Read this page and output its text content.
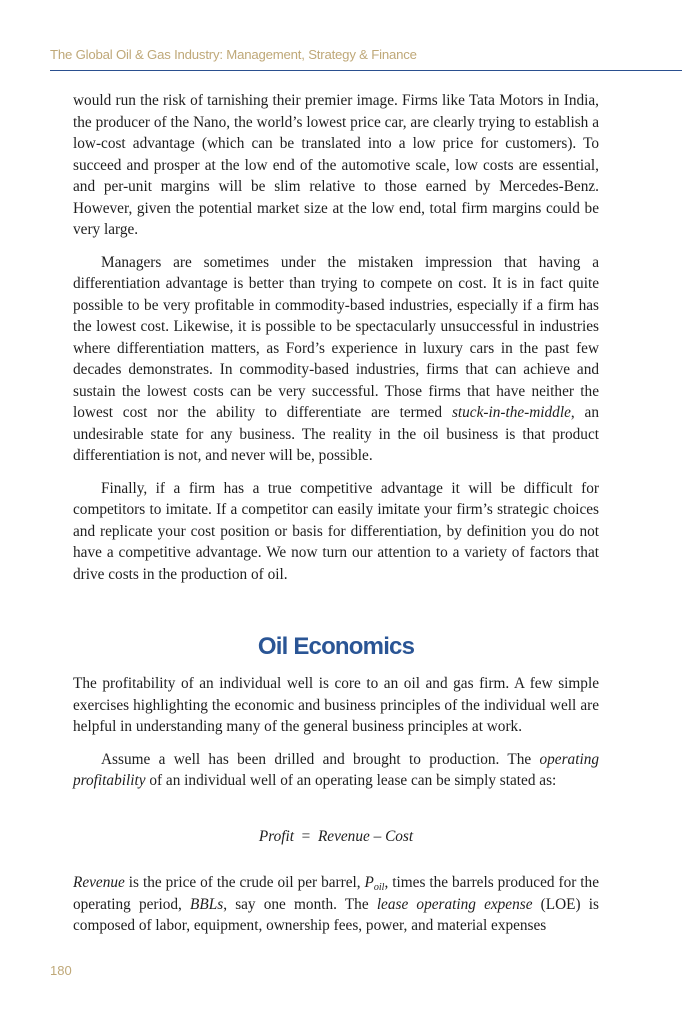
The Global Oil & Gas Industry: Management, Strategy & Finance

would run the risk of tarnishing their premier image. Firms like Tata Motors in India, the producer of the Nano, the world’s lowest price car, are clearly trying to establish a low-cost advantage (which can be translated into a low price for customers). To succeed and prosper at the low end of the automotive scale, low costs are essential, and per-unit margins will be slim relative to those earned by Mercedes-Benz. However, given the potential market size at the low end, total firm margins could be very large.

Managers are sometimes under the mistaken impression that having a differentiation advantage is better than trying to compete on cost. It is in fact quite possible to be very profitable in commodity-based industries, especially if a firm has the lowest cost. Likewise, it is possible to be spectacularly unsuccessful in industries where differentiation matters, as Ford’s experience in luxury cars in the past few decades demonstrates. In commodity-based industries, firms that can achieve and sustain the lowest costs can be very successful. Those firms that have neither the lowest cost nor the ability to differentiate are termed stuck-in-the-middle, an undesirable state for any business. The reality in the oil business is that product differentiation is not, and never will be, possible.

Finally, if a firm has a true competitive advantage it will be difficult for competitors to imitate. If a competitor can easily imitate your firm’s strategic choices and replicate your cost position or basis for differentiation, by definition you do not have a competitive advantage. We now turn our attention to a variety of factors that drive costs in the production of oil.

Oil Economics

The profitability of an individual well is core to an oil and gas firm. A few simple exercises highlighting the economic and business principles of the individual well are helpful in understanding many of the general business principles at work.

Assume a well has been drilled and brought to production. The operating profitability of an individual well of an operating lease can be simply stated as:

Profit = Revenue – Cost

Revenue is the price of the crude oil per barrel, $P_{oil}$, times the barrels produced for the operating period, BBLs, say one month. The lease operating expense (LOE) is composed of labor, equipment, ownership fees, power, and material expenses

180
